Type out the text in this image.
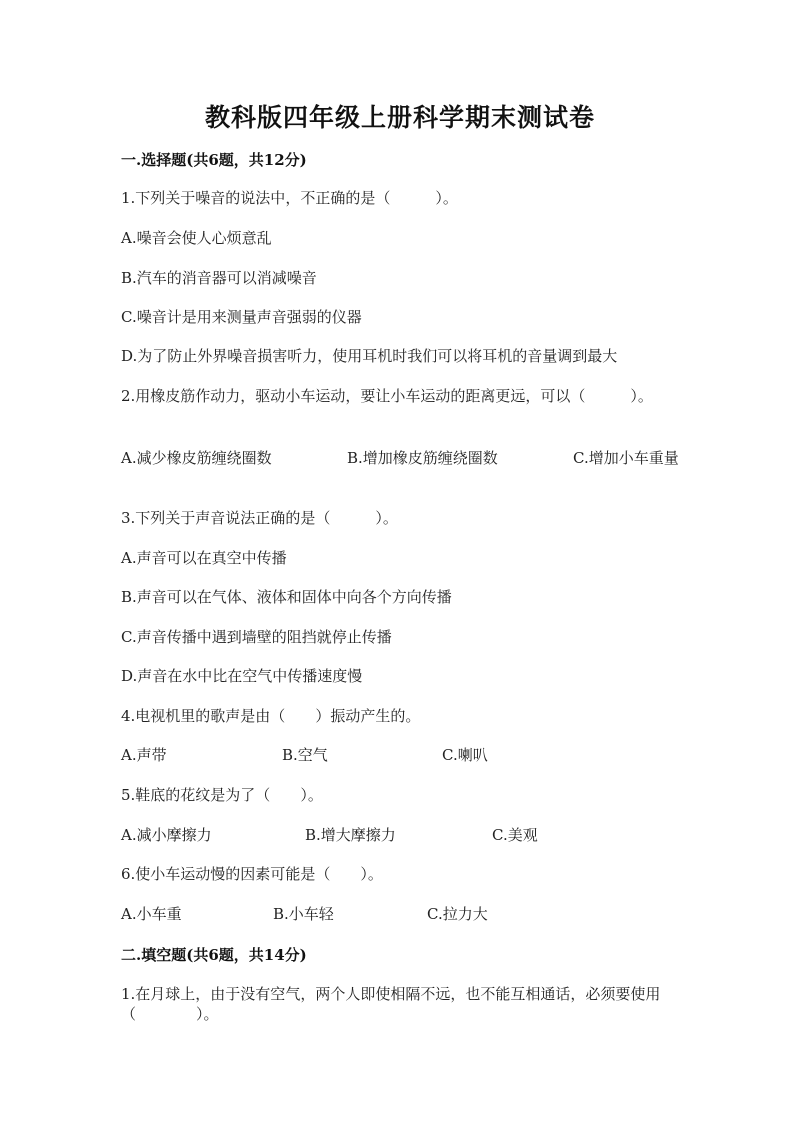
教科版四年级上册科学期末测试卷
一.选择题(共6题，共12分)
1.下列关于噪音的说法中，不正确的是（　　　）。
A.噪音会使人心烦意乱
B.汽车的消音器可以消减噪音
C.噪音计是用来测量声音强弱的仪器
D.为了防止外界噪音损害听力，使用耳机时我们可以将耳机的音量调到最大
2.用橡皮筋作动力，驱动小车运动，要让小车运动的距离更远，可以（　　　）。
A.减少橡皮筋缠绕圈数	B.增加橡皮筋缠绕圈数	C.增加小车重量
3.下列关于声音说法正确的是（　　　）。
A.声音可以在真空中传播
B.声音可以在气体、液体和固体中向各个方向传播
C.声音传播中遇到墙壁的阻挡就停止传播
D.声音在水中比在空气中传播速度慢
4.电视机里的歌声是由（　　）振动产生的。
A.声带	B.空气	C.喇叭
5.鞋底的花纹是为了（　　）。
A.减小摩擦力	B.增大摩擦力	C.美观
6.使小车运动慢的因素可能是（　　）。
A.小车重	B.小车轻	C.拉力大
二.填空题(共6题，共14分)
1.在月球上，由于没有空气，两个人即使相隔不远，也不能互相通话，必须要使用（　　　　）。
